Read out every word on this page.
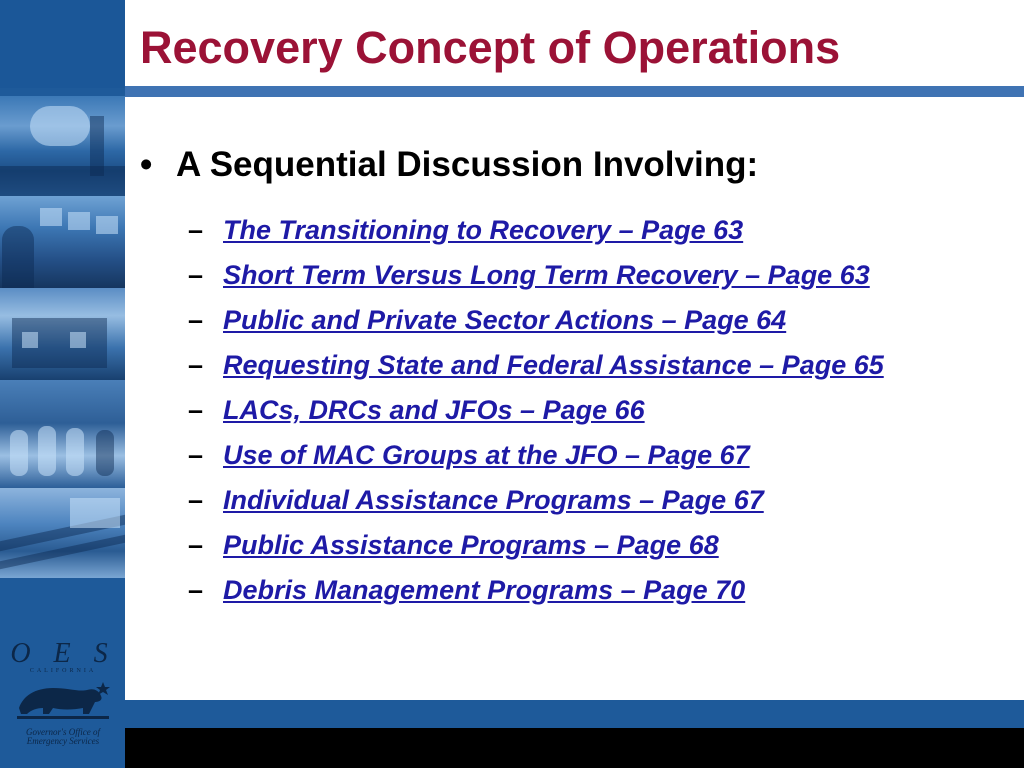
O E S
CALIFORNIA
Governor's Office of
Emergency Services
Recovery Concept of Operations
• A Sequential Discussion Involving:
– The Transitioning to Recovery – Page 63
– Short Term Versus Long Term Recovery – Page 63
– Public and Private Sector Actions – Page 64
– Requesting State and Federal Assistance – Page 65
– LACs, DRCs and JFOs – Page 66
– Use of MAC Groups at the JFO – Page 67
– Individual Assistance Programs – Page 67
– Public Assistance Programs – Page 68
– Debris Management Programs – Page 70
